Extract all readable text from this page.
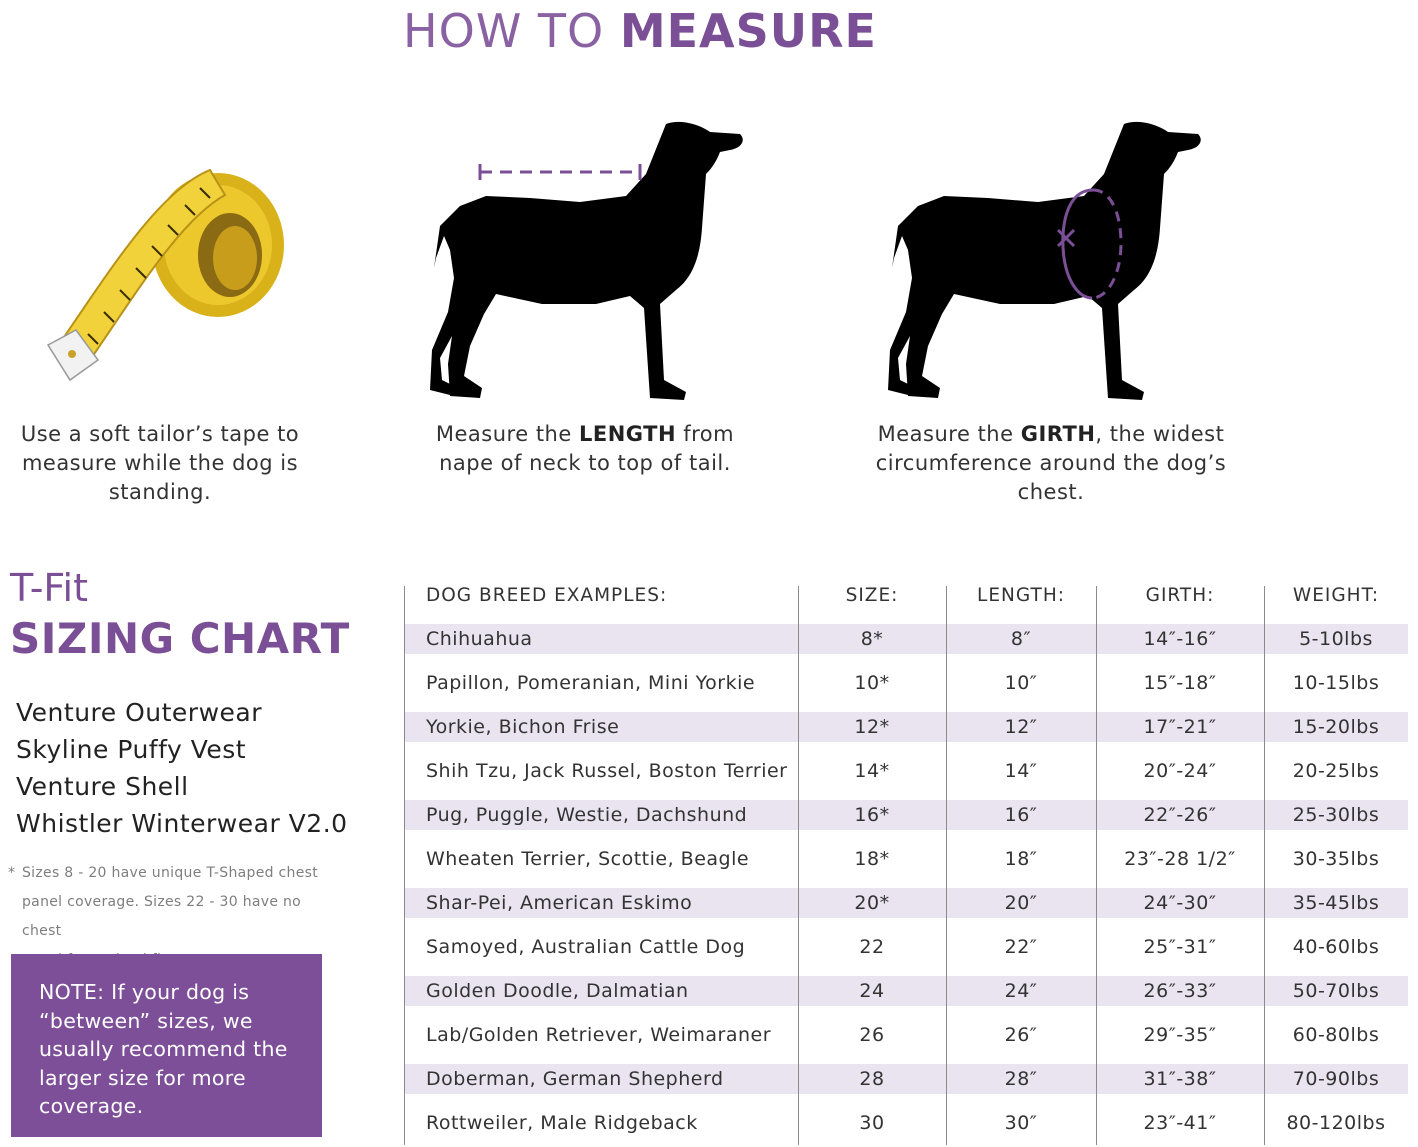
HOW TO MEASURE
Use a soft tailor’s tape to
measure while the dog is
standing.
Measure the LENGTH from
nape of neck to top of tail.
Measure the GIRTH, the widest
circumference around the dog’s
chest.
T-Fit
SIZING CHART
Venture Outerwear
Skyline Puffy Vest
Venture Shell
Whistler Winterwear V2.0
* Sizes 8 - 20 have unique T-Shaped chest
panel coverage. Sizes 22 - 30 have no chest
NOTE: If your dog is
“between” sizes, we
usually recommend the
larger size for more
coverage.
DOG BREED EXAMPLES:	SIZE:	LENGTH:	GIRTH:	WEIGHT:
Chihuahua	8*	8″	14″-16″	5-10lbs
Papillon, Pomeranian, Mini Yorkie	10*	10″	15″-18″	10-15lbs
Yorkie, Bichon Frise	12*	12″	17″-21″	15-20lbs
Shih Tzu, Jack Russel, Boston Terrier	14*	14″	20″-24″	20-25lbs
Pug, Puggle, Westie, Dachshund	16*	16″	22″-26″	25-30lbs
Wheaten Terrier, Scottie, Beagle	18*	18″	23″-28 1/2″	30-35lbs
Shar-Pei, American Eskimo	20*	20″	24″-30″	35-45lbs
Samoyed, Australian Cattle Dog	22	22″	25″-31″	40-60lbs
Golden Doodle, Dalmatian	24	24″	26″-33″	50-70lbs
Lab/Golden Retriever, Weimaraner	26	26″	29″-35″	60-80lbs
Doberman, German Shepherd	28	28″	31″-38″	70-90lbs
Rottweiler, Male Ridgeback	30	30″	23″-41″	80-120lbs
